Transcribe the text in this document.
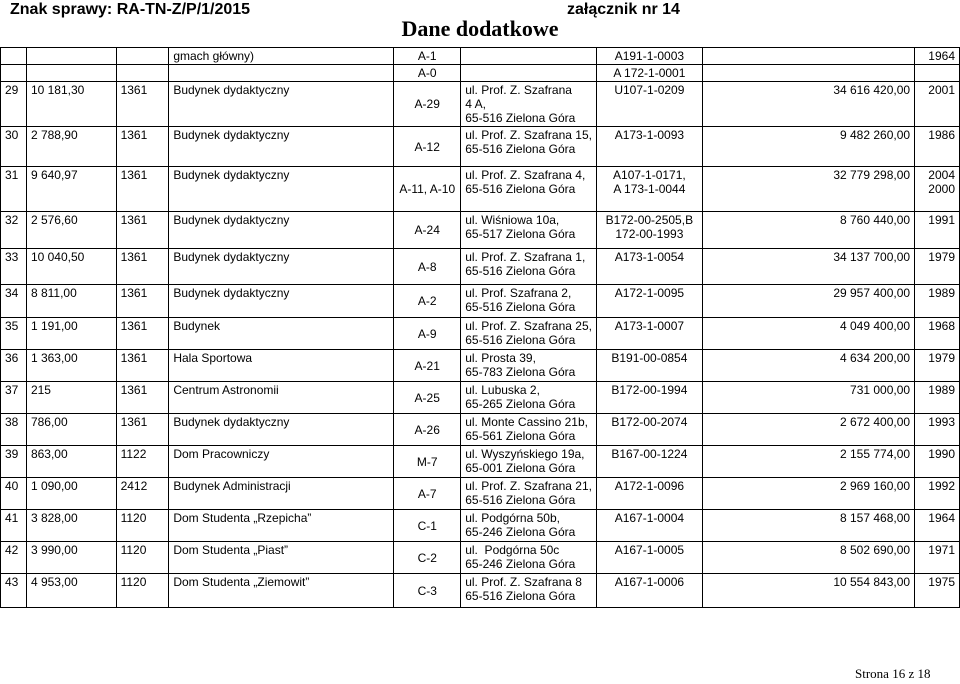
Znak sprawy: RA-TN-Z/P/1/2015	załącznik nr 14
Dane dodatkowe
			gmach główny)	A-1		A191-1-0003		1964
				A-0		A 172-1-0001		
29	10 181,30	1361	Budynek dydaktyczny	A-29	ul. Prof. Z. Szafrana
4 A,
65-516 Zielona Góra	U107-1-0209	34 616 420,00	2001
30	2 788,90	1361	Budynek dydaktyczny	A-12	ul. Prof. Z. Szafrana 15,
65-516 Zielona Góra	A173-1-0093	9 482 260,00	1986
31	9 640,97	1361	Budynek dydaktyczny	A-11, A-10	ul. Prof. Z. Szafrana 4,
65-516 Zielona Góra	A107-1-0171,
A 173-1-0044	32 779 298,00	2004
2000
32	2 576,60	1361	Budynek dydaktyczny	A-24	ul. Wiśniowa 10a,
65-517 Zielona Góra	B172-00-2505,B
172-00-1993	8 760 440,00	1991
33	10 040,50	1361	Budynek dydaktyczny	A-8	ul. Prof. Z. Szafrana 1,
65-516 Zielona Góra	A173-1-0054	34 137 700,00	1979
34	8 811,00	1361	Budynek dydaktyczny	A-2	ul. Prof. Szafrana 2,
65-516 Zielona Góra	A172-1-0095	29 957 400,00	1989
35	1 191,00	1361	Budynek	A-9	ul. Prof. Z. Szafrana 25,
65-516 Zielona Góra	A173-1-0007	4 049 400,00	1968
36	1 363,00	1361	Hala Sportowa	A-21	ul. Prosta 39,
65-783 Zielona Góra	B191-00-0854	4 634 200,00	1979
37	215	1361	Centrum Astronomii	A-25	ul. Lubuska 2,
65-265 Zielona Góra	B172-00-1994	731 000,00	1989
38	786,00	1361	Budynek dydaktyczny	A-26	ul. Monte Cassino 21b,
65-561 Zielona Góra	B172-00-2074	2 672 400,00	1993
39	863,00	1122	Dom Pracowniczy	M-7	ul. Wyszyńskiego 19a,
65-001 Zielona Góra	B167-00-1224	2 155 774,00	1990
40	1 090,00	2412	Budynek Administracji	A-7	ul. Prof. Z. Szafrana 21,
65-516 Zielona Góra	A172-1-0096	2 969 160,00	1992
41	3 828,00	1120	Dom Studenta „Rzepicha”	C-1	ul. Podgórna 50b,
65-246 Zielona Góra	A167-1-0004	8 157 468,00	1964
42	3 990,00	1120	Dom Studenta „Piast”	C-2	ul.  Podgórna 50c
65-246 Zielona Góra	A167-1-0005	8 502 690,00	1971
43	4 953,00	1120	Dom Studenta „Ziemowit”	C-3	ul. Prof. Z. Szafrana 8
65-516 Zielona Góra	A167-1-0006	10 554 843,00	1975
Strona 16 z 18
